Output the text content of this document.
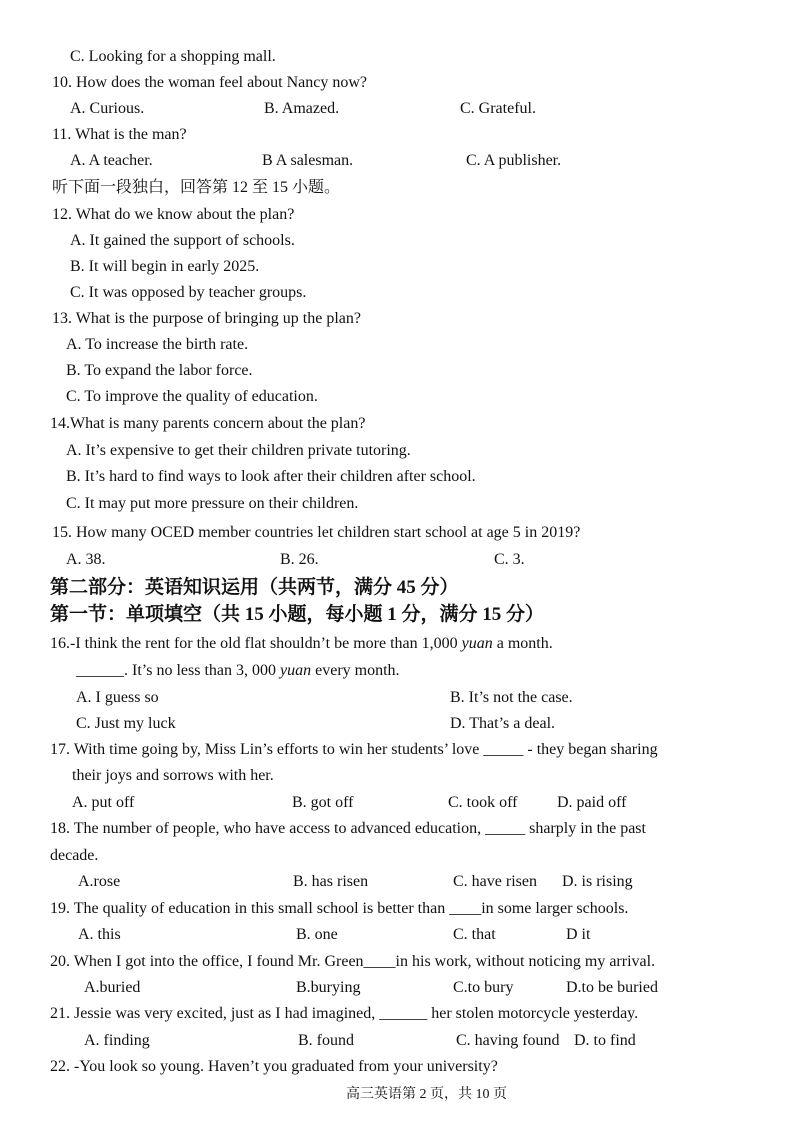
C. Looking for a shopping mall.
10. How does the woman feel about Nancy now?
A. Curious.	B. Amazed.	C. Grateful.
11. What is the man?
A. A teacher.	B A salesman.	C. A publisher.
听下面一段独白，回答第 12 至 15 小题。
12. What do we know about the plan?
A. It gained the support of schools.
B. It will begin in early 2025.
C. It was opposed by teacher groups.
13. What is the purpose of bringing up the plan?
A. To increase the birth rate.
B. To expand the labor force.
C. To improve the quality of education.
14.What is many parents concern about the plan?
A. It’s expensive to get their children private tutoring.
B. It’s hard to find ways to look after their children after school.
C. It may put more pressure on their children.
15. How many OCED member countries let children start school at age 5 in 2019?
A. 38.	B. 26.	C. 3.
第二部分：英语知识运用（共两节，满分 45 分）
第一节：单项填空（共 15 小题，每小题 1 分，满分 15 分）
16.-I think the rent for the old flat shouldn’t be more than 1,000 yuan a month.
______. It’s no less than 3, 000 yuan every month.
A. I guess so	B. It’s not the case.
C. Just my luck	D. That’s a deal.
17. With time going by, Miss Lin’s efforts to win her students’ love _____ - they began sharing
their joys and sorrows with her.
A. put off	B. got off	C. took off D. paid off
18. The number of people, who have access to advanced education, _____ sharply in the past
decade.
A.rose	B. has risen	C. have risen D. is rising
19. The quality of education in this small school is better than ____in some larger schools.
A. this	B. one	C. that	D it
20. When I got into the office, I found Mr. Green____in his work, without noticing my arrival.
A.buried	B.burying	C.to bury	D.to be buried
21. Jessie was very excited, just as I had imagined, ______ her stolen motorcycle yesterday.
A. finding	B. found	C. having found D. to find
22. -You look so young. Haven’t you graduated from your university?
高三英语第 2 页，共 10 页
